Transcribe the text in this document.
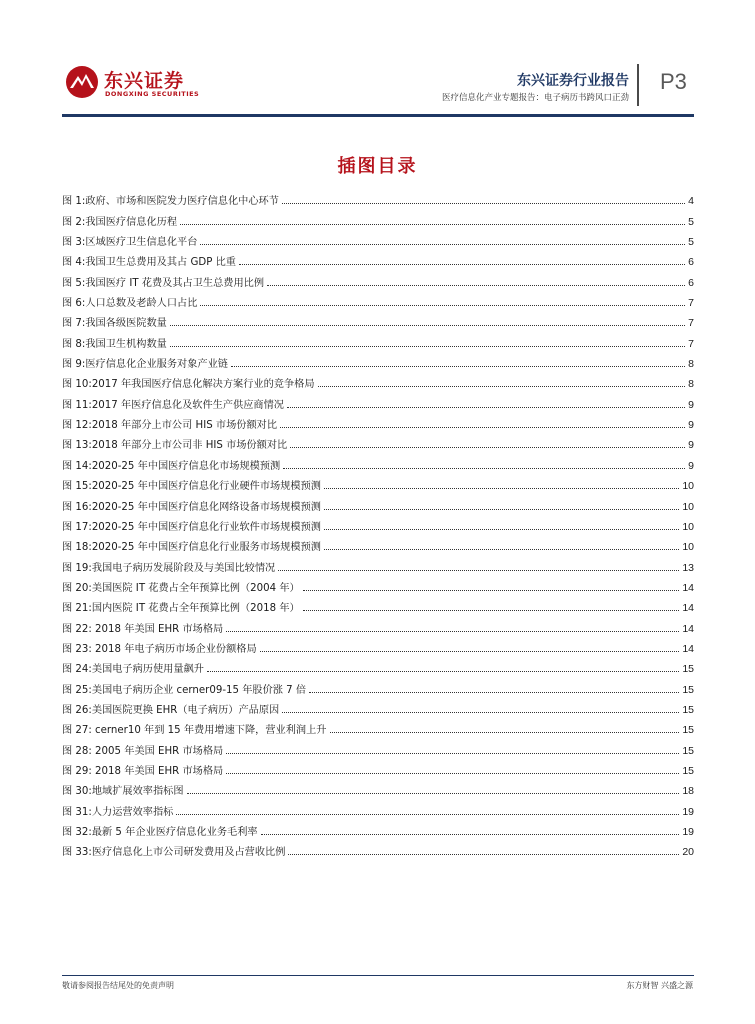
东兴证券
DONGXING SECURITIES
东兴证券行业报告
医疗信息化产业专题报告：电子病历书跨风口正劲
P3
插图目录
图 1:政府、市场和医院发力医疗信息化中心环节	4
图 2:我国医疗信息化历程	5
图 3:区域医疗卫生信息化平台	5
图 4:我国卫生总费用及其占 GDP 比重	6
图 5:我国医疗 IT 花费及其占卫生总费用比例	6
图 6:人口总数及老龄人口占比	7
图 7:我国各级医院数量	7
图 8:我国卫生机构数量	7
图 9:医疗信息化企业服务对象产业链	8
图 10:2017 年我国医疗信息化解决方案行业的竞争格局	8
图 11:2017 年医疗信息化及软件生产供应商情况	9
图 12:2018 年部分上市公司 HIS 市场份额对比	9
图 13:2018 年部分上市公司非 HIS 市场份额对比	9
图 14:2020-25 年中国医疗信息化市场规模预测	9
图 15:2020-25 年中国医疗信息化行业硬件市场规模预测	10
图 16:2020-25 年中国医疗信息化网络设备市场规模预测	10
图 17:2020-25 年中国医疗信息化行业软件市场规模预测	10
图 18:2020-25 年中国医疗信息化行业服务市场规模预测	10
图 19:我国电子病历发展阶段及与美国比较情况	13
图 20:美国医院 IT 花费占全年预算比例（2004 年）	14
图 21:国内医院 IT 花费占全年预算比例（2018 年）	14
图 22: 2018 年美国 EHR 市场格局	14
图 23: 2018 年电子病历市场企业份额格局	14
图 24:美国电子病历使用量飙升	15
图 25:美国电子病历企业 cerner09-15 年股价涨 7 倍	15
图 26:美国医院更换 EHR（电子病历）产品原因	15
图 27: cerner10 年到 15 年费用增速下降，营业利润上升	15
图 28: 2005 年美国 EHR 市场格局	15
图 29: 2018 年美国 EHR 市场格局	15
图 30:地域扩展效率指标图	18
图 31:人力运营效率指标	19
图 32:最新 5 年企业医疗信息化业务毛利率	19
图 33:医疗信息化上市公司研发费用及占营收比例	20
敬请参阅报告结尾处的免责声明	东方财智 兴盛之源
